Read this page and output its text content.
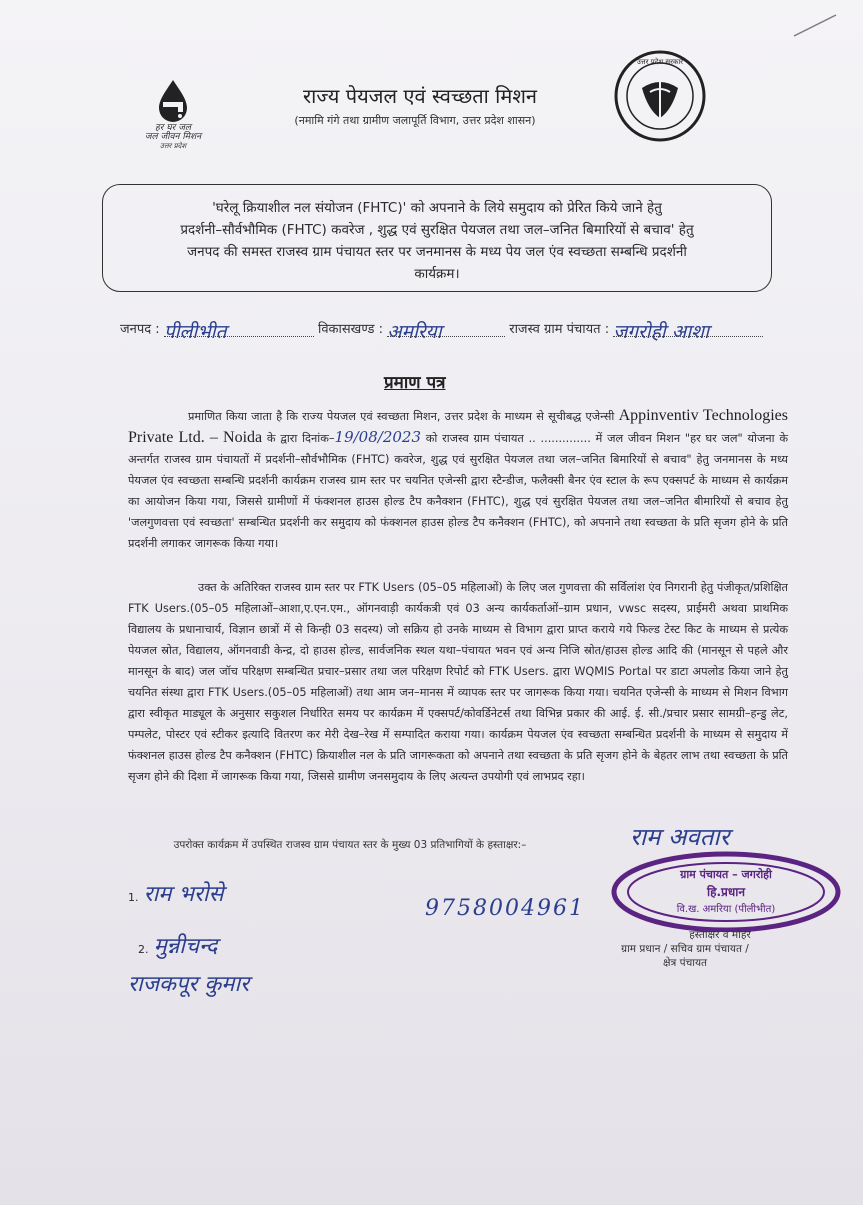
हर घर जल
जल जीवन मिशन
उत्तर प्रदेश
उत्तर प्रदेश सरकार
राज्य पेयजल एवं स्वच्छता मिशन
(नमामि गंगे तथा ग्रामीण जलापूर्ति विभाग, उत्तर प्रदेश शासन)
'घरेलू क्रियाशील नल संयोजन (FHTC)' को अपनाने के लिये समुदाय को प्रेरित किये जाने हेतु
प्रदर्शनी–सौर्वभौमिक (FHTC) कवरेज , शुद्ध एवं सुरक्षित पेयजल तथा जल–जनित बिमारियों से बचाव' हेतु
जनपद की समस्त राजस्व ग्राम पंचायत स्तर पर जनमानस के मध्य पेय जल एंव स्वच्छता सम्बन्धि प्रदर्शनी
कार्यक्रम।
जनपद : पीलीभीत	विकासखण्ड : अमरिया	राजस्व ग्राम पंचायत : जगरोही आशा
प्रमाण पत्र
प्रमाणित किया जाता है कि राज्य पेयजल एवं स्वच्छता मिशन, उत्तर प्रदेश के माध्यम से सूचीबद्ध एजेन्सी Appinventiv Technologies Private Ltd. – Noida के द्वारा दिनांक–19/08/2023 को राजस्व ग्राम पंचायत .. .............. में जल जीवन मिशन "हर घर जल" योजना के अन्तर्गत राजस्व ग्राम पंचायतों में प्रदर्शनी–सौर्वभौमिक (FHTC) कवरेज, शुद्ध एवं सुरक्षित पेयजल तथा जल–जनित बिमारियों से बचाव" हेतु जनमानस के मध्य पेयजल एंव स्वच्छता सम्बन्धि प्रदर्शनी कार्यक्रम राजस्व ग्राम स्तर पर चयनित एजेन्सी द्वारा स्टैन्डीज, फलैक्सी बैनर एंव स्टाल के रूप एक्सपर्ट के माध्यम से कार्यक्रम का आयोजन किया गया, जिससे ग्रामीणों में फंक्शनल हाउस होल्ड टैप कनैक्शन (FHTC), शुद्ध एवं सुरक्षित पेयजल तथा जल–जनित बीमारियों से बचाव हेतु 'जलगुणवत्ता एवं स्वच्छता' सम्बन्धित प्रदर्शनी कर समुदाय को फंक्शनल हाउस होल्ड टैप कनैक्शन (FHTC), को अपनाने तथा स्वच्छता के प्रति सृजग होने के प्रति प्रदर्शनी लगाकर जागरूक किया गया।
उक्त के अतिरिक्त राजस्व ग्राम स्तर पर FTK Users (05–05 महिलाओं) के लिए जल गुणवत्ता की सर्विलांश एंव निगरानी हेतु पंजीकृत/प्रशिक्षित FTK Users.(05–05 महिलाओं–आशा,ए.एन.एम., ऑगनवाड़ी कार्यकत्री एवं 03 अन्य कार्यकर्ताओं–ग्राम प्रधान, vwsc सदस्य, प्राईमरी अथवा प्राथमिक विद्यालय के प्रधानाचार्य, विज्ञान छात्रों में से किन्ही 03 सदस्य) जो सक्रिय हो उनके माध्यम से विभाग द्वारा प्राप्त कराये गये फिल्ड टेस्ट किट के माध्यम से प्रत्येक पेयजल स्रोत, विद्यालय, ऑगनवाडी केन्द्र, दो हाउस होल्ड, सार्वजनिक स्थल यथा–पंचायत भवन एवं अन्य निजि स्रोत/हाउस होल्ड आदि की (मानसून से पहले और मानसून के बाद) जल जॉच परिक्षण सम्बन्धित प्रचार–प्रसार तथा जल परिक्षण रिपोर्ट को FTK Users. द्वारा WQMIS Portal पर डाटा अपलोड किया जाने हेतु चयनित संस्था द्वारा FTK Users.(05–05 महिलाओं) तथा आम जन–मानस में व्यापक स्तर पर जागरूक किया गया। चयनित एजेन्सी के माध्यम से मिशन विभाग द्वारा स्वीकृत माड्यूल के अनुसार सकुशल निर्धारित समय पर कार्यक्रम में एक्सपर्ट/कोवर्डिनेटर्स तथा विभिन्न प्रकार की आई. ई. सी./प्रचार प्रसार सामग्री–हन्डु लेट, पम्पलेट, पोस्टर एवं स्टीकर इत्यादि वितरण कर मेरी देख–रेख में सम्पादित कराया गया। कार्यक्रम पेयजल एंव स्वच्छता सम्बन्धित प्रदर्शनी के माध्यम से समुदाय में फंक्शनल हाउस होल्ड टैप कनैक्शन (FHTC) क्रियाशील नल के प्रति जागरूकता को अपनाने तथा स्वच्छता के प्रति सृजग होने के बेहतर लाभ तथा स्वच्छता के प्रति सृजग होने की दिशा में जागरूक किया गया, जिससे ग्रामीण जनसमुदाय के लिए अत्यन्त उपयोगी एवं लाभप्रद रहा।
उपरोक्त कार्यक्रम में उपस्थित राजस्व ग्राम पंचायत स्तर के मुख्य 03 प्रतिभागियों के हस्ताक्षर:–
1. राम भरोसे
2. मुन्नीचन्द
राजकपूर कुमार
9758004961
राम अवतार
ग्राम पंचायत – जगरोही
हि.प्रधान
वि.ख. अमरिया (पीलीभीत)
हस्ताक्षर व मोहर
ग्राम प्रधान / सचिव ग्राम पंचायत /
क्षेत्र पंचायत
